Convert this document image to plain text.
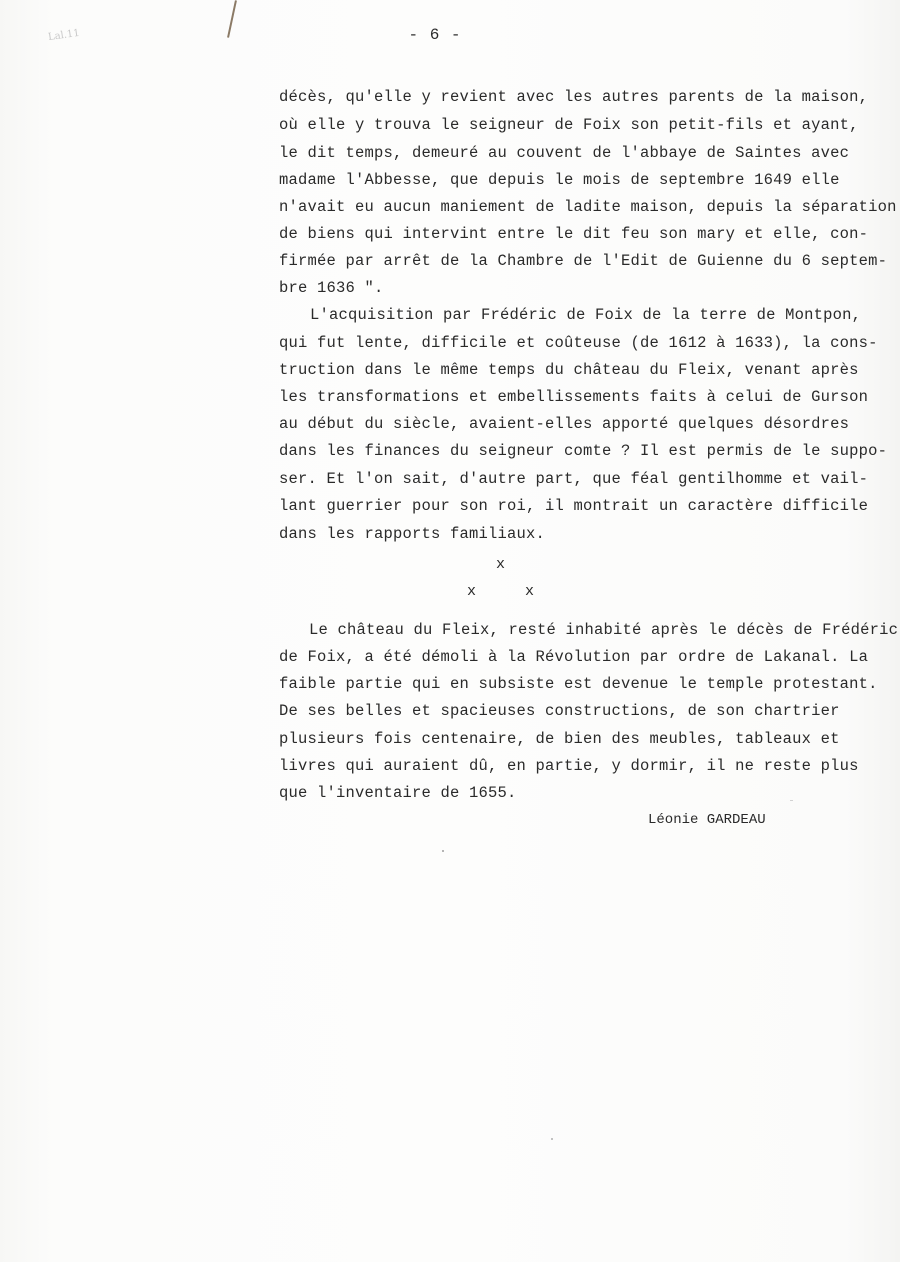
Lal.11	- 6 -
décès, qu'elle y revient avec les autres parents de la maison,
où elle y trouva le seigneur de Foix son petit-fils et ayant,
le dit temps, demeuré au couvent de l'abbaye de Saintes avec
madame l'Abbesse, que depuis le mois de septembre 1649 elle
n'avait eu aucun maniement de ladite maison, depuis la séparation
de biens qui intervint entre le dit feu son mary et elle, con-
firmée par arrêt de la Chambre de l'Edit de Guienne du 6 septem-
bre 1636 ".
L'acquisition par Frédéric de Foix de la terre de Montpon,
qui fut lente, difficile et coûteuse (de 1612 à 1633), la cons-
truction dans le même temps du château du Fleix, venant après
les transformations et embellissements faits à celui de Gurson
au début du siècle, avaient-elles apporté quelques désordres
dans les finances du seigneur comte ? Il est permis de le suppo-
ser. Et l'on sait, d'autre part, que féal gentilhomme et vail-
lant guerrier pour son roi, il montrait un caractère difficile
dans les rapports familiaux.
x
x	x
Le château du Fleix, resté inhabité après le décès de Frédéric
de Foix, a été démoli à la Révolution par ordre de Lakanal. La
faible partie qui en subsiste est devenue le temple protestant.
De ses belles et spacieuses constructions, de son chartrier
plusieurs fois centenaire, de bien des meubles, tableaux et
livres qui auraient dû, en partie, y dormir, il ne reste plus
que l'inventaire de 1655.
Léonie GARDEAU
